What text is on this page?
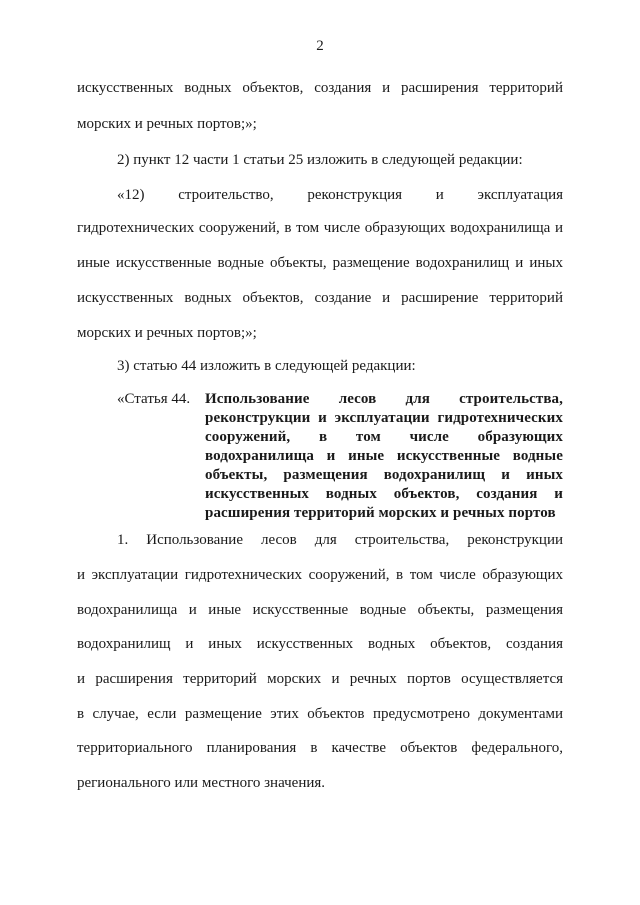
2
искусственных водных объектов, создания и расширения территорий
морских и речных портов;»;
2) пункт 12 части 1 статьи 25 изложить в следующей редакции:
«12) строительство, реконструкция и эксплуатация
гидротехнических сооружений, в том числе образующих водохранилища и
иные искусственные водные объекты, размещение водохранилищ и иных
искусственных водных объектов, создание и расширение территорий
морских и речных портов;»;
3) статью 44 изложить в следующей редакции:
«Статья 44. Использование лесов для строительства,
реконструкции и эксплуатации гидротехнических
сооружений, в том числе образующих
водохранилища и иные искусственные водные
объекты, размещения водохранилищ и иных
искусственных водных объектов, создания и
расширения территорий морских и речных портов
1. Использование лесов для строительства, реконструкции
и эксплуатации гидротехнических сооружений, в том числе образующих
водохранилища и иные искусственные водные объекты, размещения
водохранилищ и иных искусственных водных объектов, создания
и расширения территорий морских и речных портов осуществляется
в случае, если размещение этих объектов предусмотрено документами
территориального планирования в качестве объектов федерального,
регионального или местного значения.
